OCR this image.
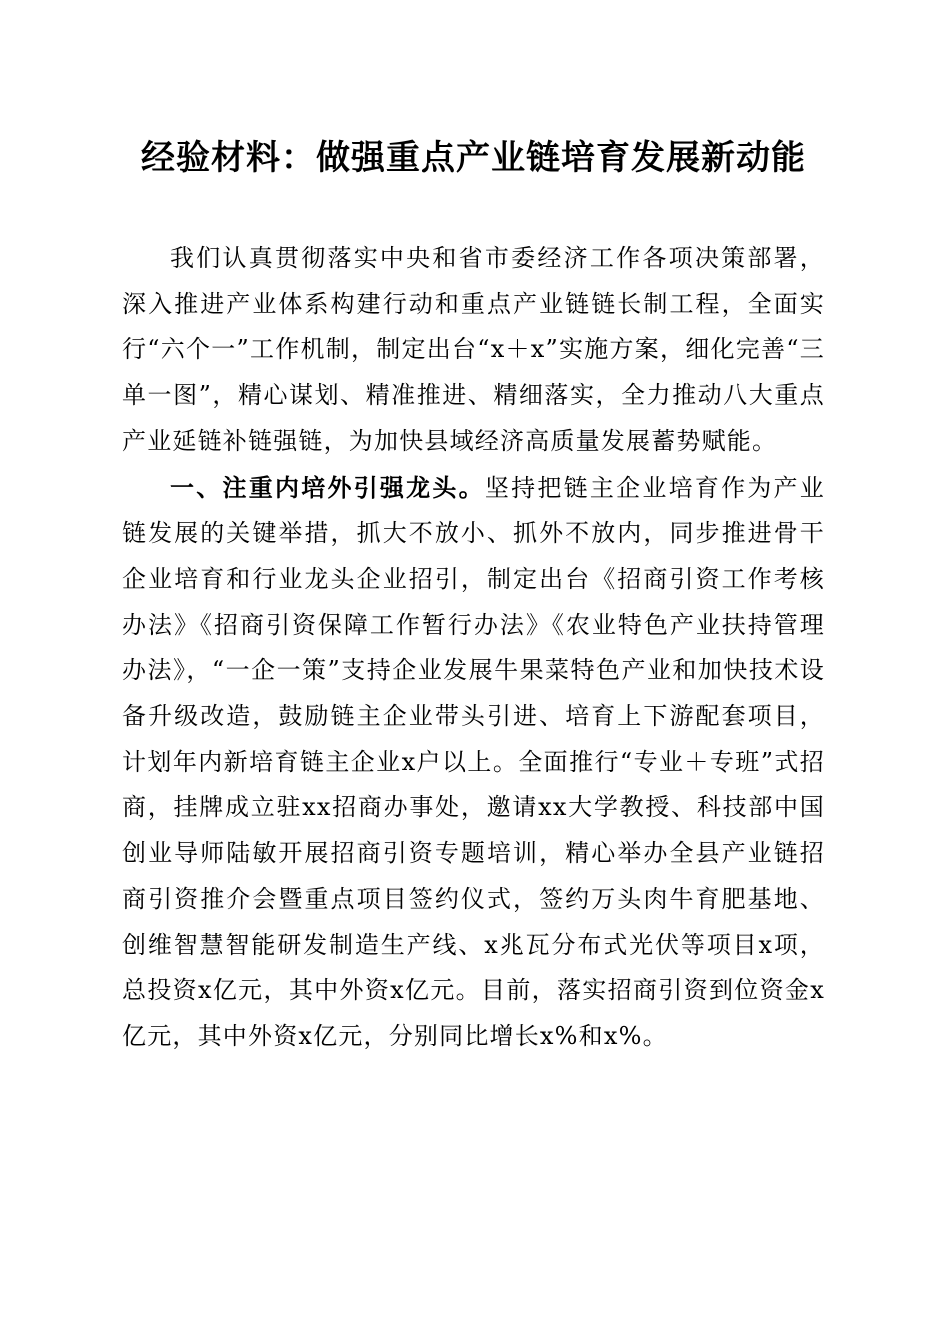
经验材料：做强重点产业链培育发展新动能

我们认真贯彻落实中央和省市委经济工作各项决策部署，深入推进产业体系构建行动和重点产业链链长制工程，全面实行“六个一”工作机制，制定出台“x＋x”实施方案，细化完善“三单一图”，精心谋划、精准推进、精细落实，全力推动八大重点产业延链补链强链，为加快县域经济高质量发展蓄势赋能。

一、注重内培外引强龙头。坚持把链主企业培育作为产业链发展的关键举措，抓大不放小、抓外不放内，同步推进骨干企业培育和行业龙头企业招引，制定出台《招商引资工作考核办法》《招商引资保障工作暂行办法》《农业特色产业扶持管理办法》，“一企一策”支持企业发展牛果菜特色产业和加快技术设备升级改造，鼓励链主企业带头引进、培育上下游配套项目，计划年内新培育链主企业x户以上。全面推行“专业＋专班”式招商，挂牌成立驻xx招商办事处，邀请xx大学教授、科技部中国创业导师陆敏开展招商引资专题培训，精心举办全县产业链招商引资推介会暨重点项目签约仪式，签约万头肉牛育肥基地、创维智慧智能研发制造生产线、x兆瓦分布式光伏等项目x项，总投资x亿元，其中外资x亿元。目前，落实招商引资到位资金x亿元，其中外资x亿元，分别同比增长x%和x%。
